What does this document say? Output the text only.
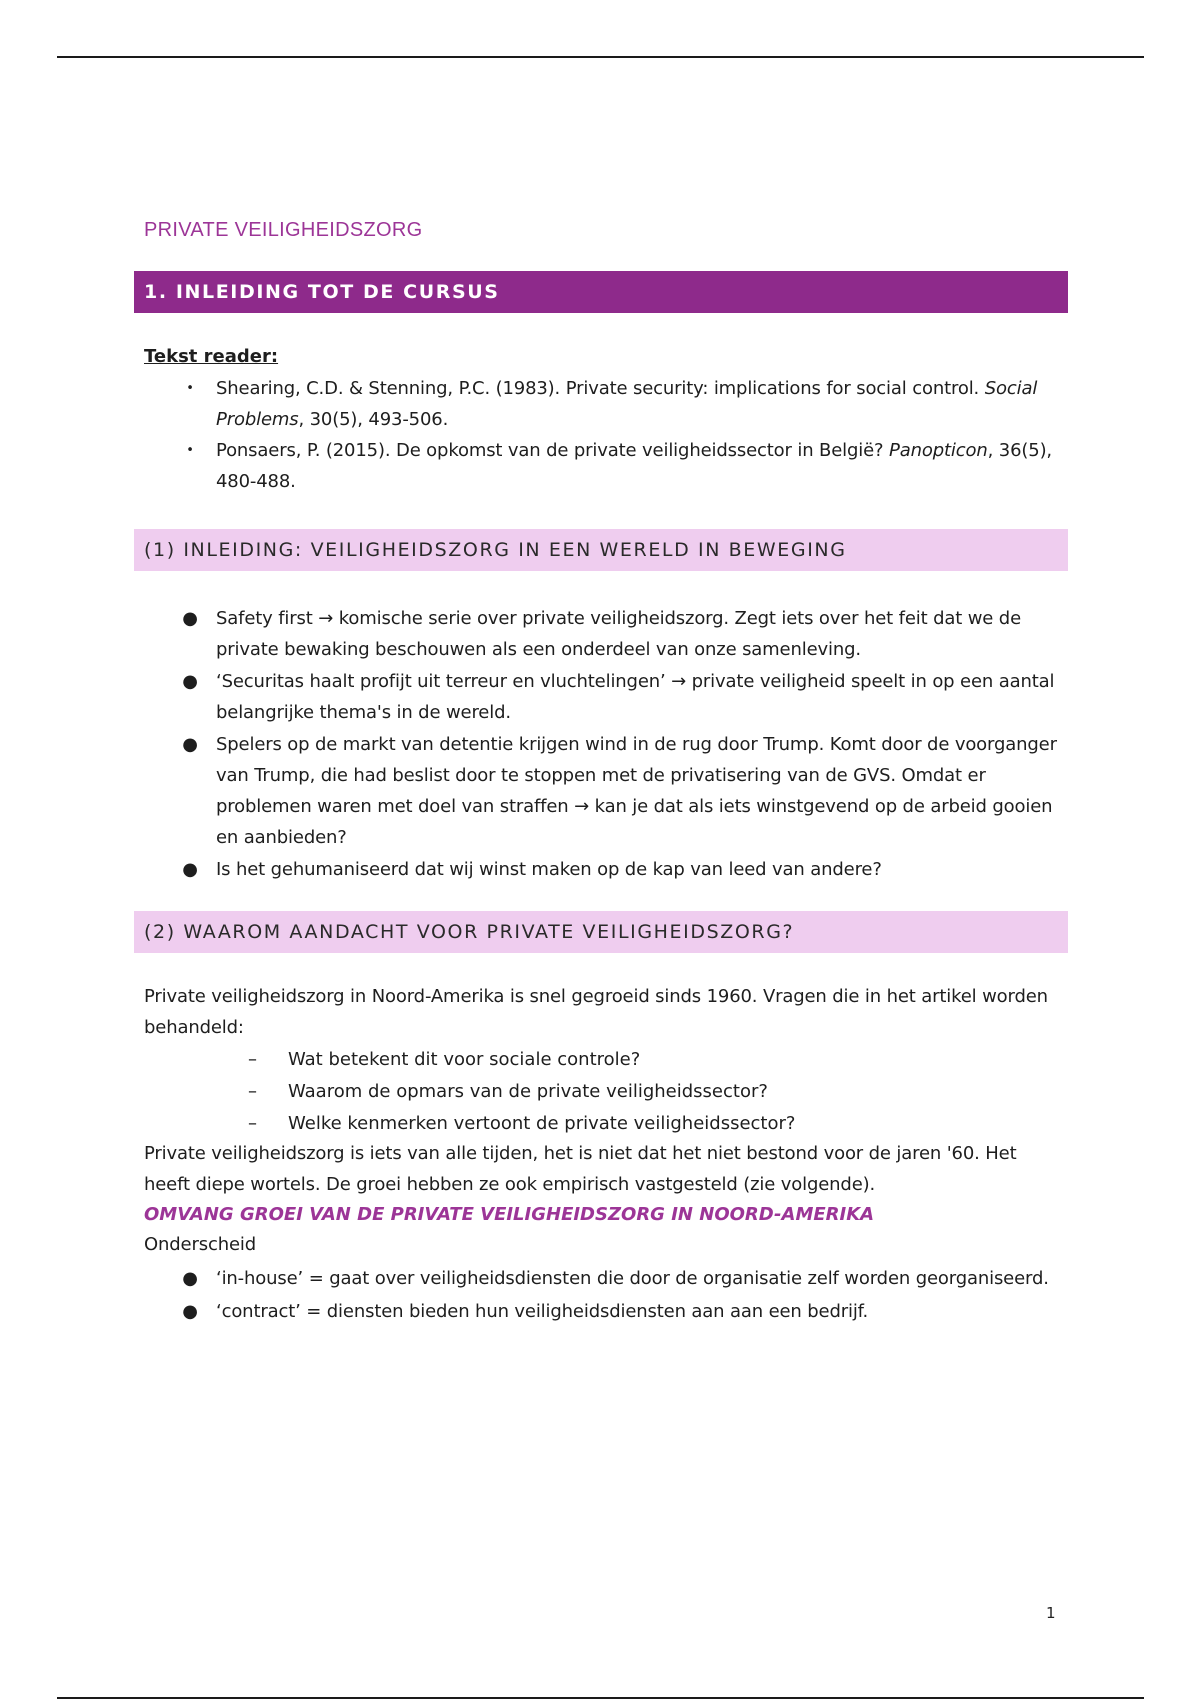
PRIVATE VEILIGHEIDSZORG
1. INLEIDING TOT DE CURSUS

Tekst reader:

•	Shearing, C.D. & Stenning, P.C. (1983). Private security: implications for social control. Social Problems, 30(5), 493-506.
•	Ponsaers, P. (2015). De opkomst van de private veiligheidssector in België? Panopticon, 36(5), 480-488.
(1) INLEIDING: VEILIGHEIDSZORG IN EEN WERELD IN BEWEGING
● Safety first → komische serie over private veiligheidszorg. Zegt iets over het feit dat we de private bewaking beschouwen als een onderdeel van onze samenleving.
● ‘Securitas haalt profijt uit terreur en vluchtelingen’ → private veiligheid speelt in op een aantal belangrijke thema's in de wereld.
● Spelers op de markt van detentie krijgen wind in de rug door Trump. Komt door de voorganger van Trump, die had beslist door te stoppen met de privatisering van de GVS. Omdat er problemen waren met doel van straffen → kan je dat als iets winstgevend op de arbeid gooien en aanbieden?
● Is het gehumaniseerd dat wij winst maken op de kap van leed van andere?
(2) WAAROM AANDACHT VOOR PRIVATE VEILIGHEIDSZORG?

Private veiligheidszorg in Noord-Amerika is snel gegroeid sinds 1960. Vragen die in het artikel worden behandeld:

– Wat betekent dit voor sociale controle?
– Waarom de opmars van de private veiligheidssector?
– Welke kenmerken vertoont de private veiligheidssector?

Private veiligheidszorg is iets van alle tijden, het is niet dat het niet bestond voor de jaren '60. Het heeft diepe wortels. De groei hebben ze ook empirisch vastgesteld (zie volgende).

OMVANG GROEI VAN DE PRIVATE VEILIGHEIDSZORG IN NOORD-AMERIKA

Onderscheid

● ‘in-house’ = gaat over veiligheidsdiensten die door de organisatie zelf worden georganiseerd.
● ‘contract’ = diensten bieden hun veiligheidsdiensten aan aan een bedrijf.
1
